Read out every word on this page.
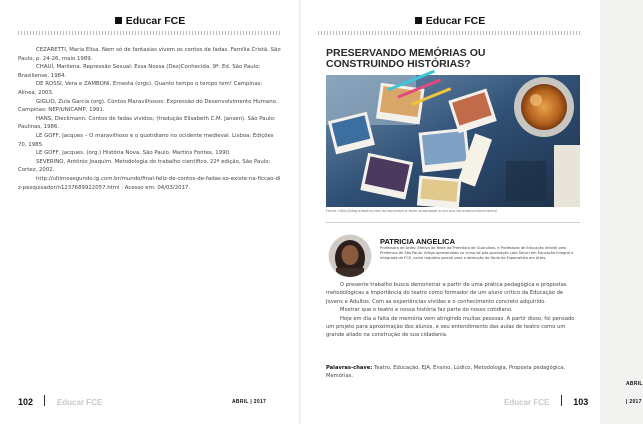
Educar FCE

CEZARETTI, Maria Elisa. Nem só de fantasias vivem os contos de fadas. Família Cristã. São Paulo, p. 24-26, maio 1989.

CHAUÍ, Marilena. Repressão Sexual: Essa Nossa (Des)Conhecida. 9ª. Ed. São Paulo: Brasiliense, 1984.

DE ROSSI, Vera e ZAMBONI, Ernesta (orgs). Quanto tempo o tempo tem! Campinas: Alínea, 2003.

GIGLIO, Zula Garcia (org). Contos Maravilhosos: Expressão do Desenvolvimento Humano. Campinas: NEP/UNICAMP, 1991.

HANS, Dieckmann. Contos de fadas vividos; (tradução Elisabeth C.M. Jansen). São Paulo: Paulinas, 1986.

LE GOFF, Jacques – O maravilhoso e o quotidiano no ocidente medieval. Lisboa: Edições 70, 1985.

LE GOFF, Jacques. (org.) História Nova. São Paulo. Martins Fontes, 1990.

SEVERINO, Antônio Joaquim. Metodologia do trabalho científico. 22ª edição, São Paulo: Cortez, 2002.

http://ultimosegundo.ig.com.br/mundo/final-feliz-de-contos-de-fadas-so-existe-na-ficcao-diz-pesquisador/n1237689922057.html : Acesso em: 04/03/2017.

102	Educar FCE	ABRIL | 2017
Educar FCE
PRESERVANDO MEMÓRIAS OU
CONSTRUINDO HISTÓRIAS?

Fonte: http://blog.adeptus.com.br/aprender-a-fazer-scrapbook-e-um-ato-de-autoconhecimento/

ABRIL | 2017
Educar FCE	103
PATRICIA ANGELICA

Professora de Artes: Efetiva da Rede da Prefeitura de Guarulhos, e Professora de Educação Infantil pela Prefeitura de São Paulo. Artigo apresentado no curso de pós-graduação Lato Sensu em Educação Integral e Integrada de FCE, como requisito parcial para a obtenção do título de Especialista em Artes.

O presente trabalho busca demonstrar a partir de uma prática pedagógica e propostas metodológicas a importância do teatro como formador de um aluno crítico da Educação de Jovens e Adultos. Com as experiências vividas e o conhecimento concreto adquirido.

Mostrar que o teatro e nossa história faz parte do nosso cotidiano.

Hoje em dia a falta de memória vem atingindo muitas pessoas. A partir disso, foi pensado um projeto para aproximação dos alunos, e seu entendimento das aulas de teatro como um grande aliado na construção de sua cidadania.

Palavras-chave: Teatro, Educação, EJA, Ensino, Lúdico, Metodologia, Proposta pedagógica, Memórias.
